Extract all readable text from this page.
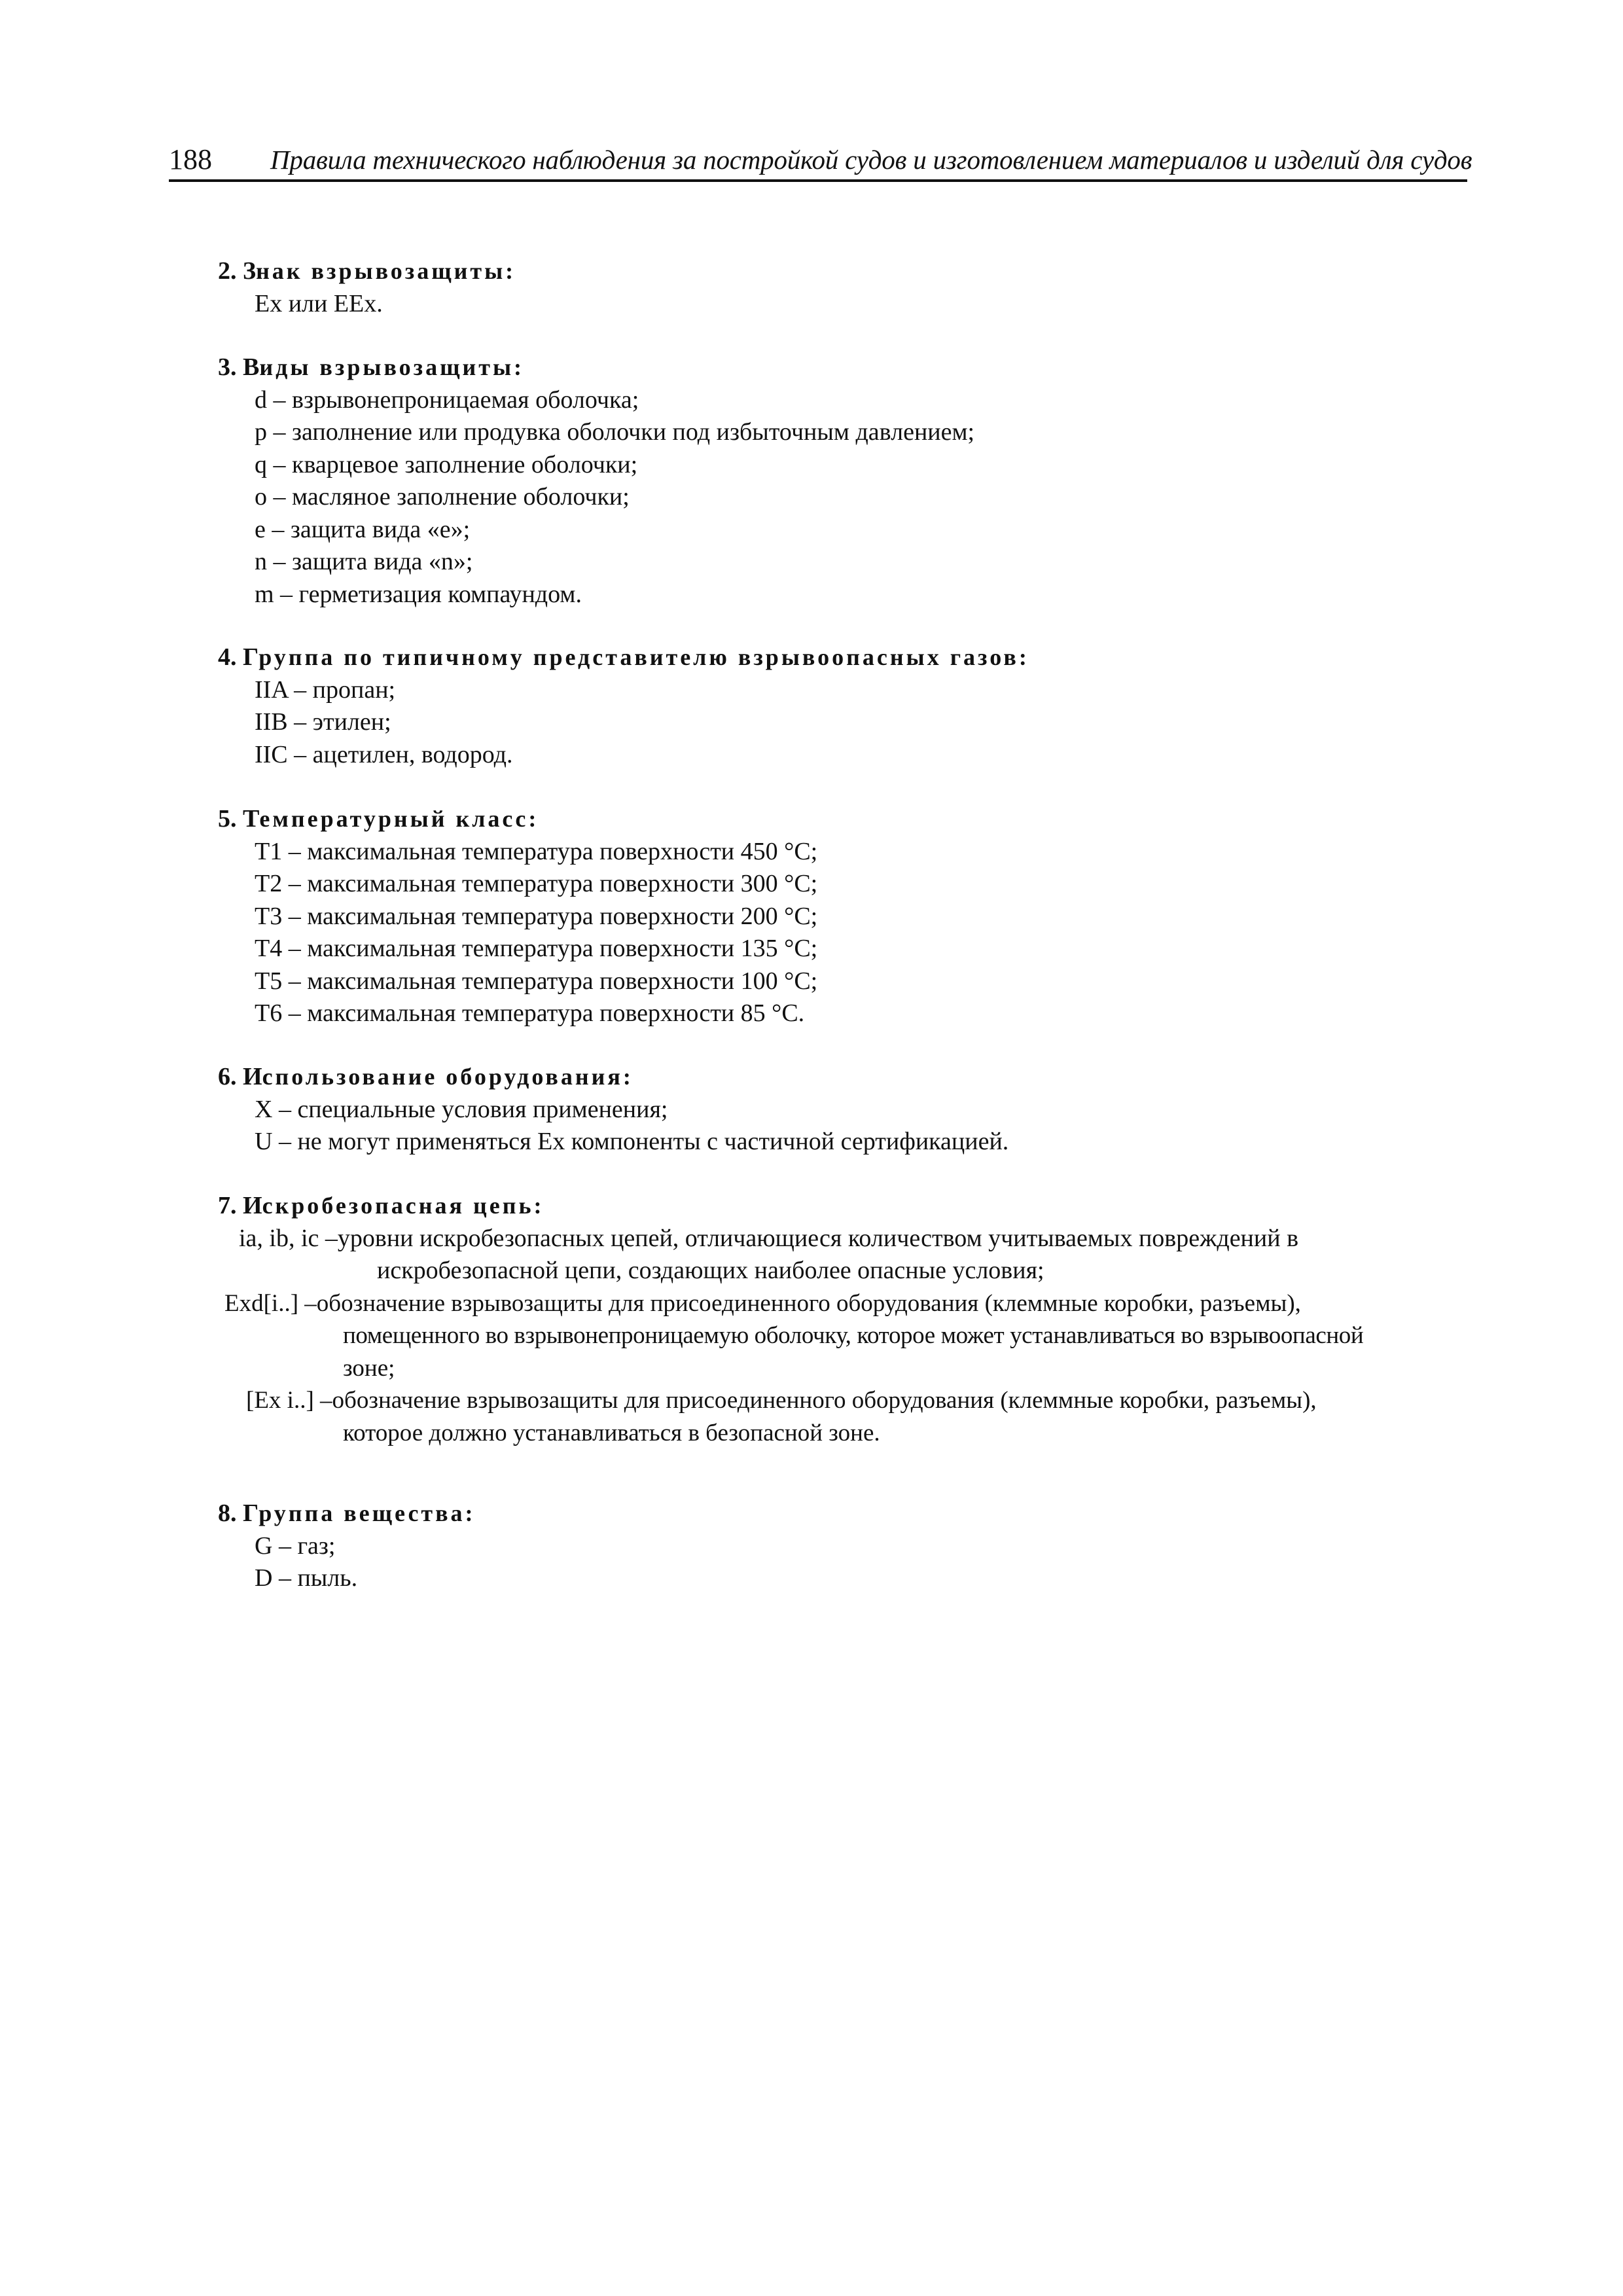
188 Правила технического наблюдения за постройкой судов и изготовлением материалов и изделий для судов
2. Знак взрывозащиты:
Ex или EEx.
3. Виды взрывозащиты:
d – взрывонепроницаемая оболочка;
p – заполнение или продувка оболочки под избыточным давлением;
q – кварцевое заполнение оболочки;
o – масляное заполнение оболочки;
e – защита вида «e»;
n – защита вида «n»;
m – герметизация компаундом.
4. Группа по типичному представителю взрывоопасных газов:
IIA – пропан;
IIB – этилен;
IIC – ацетилен, водород.
5. Температурный класс:
T1 – максимальная температура поверхности 450 °C;
T2 – максимальная температура поверхности 300 °C;
T3 – максимальная температура поверхности 200 °C;
T4 – максимальная температура поверхности 135 °C;
T5 – максимальная температура поверхности 100 °C;
T6 – максимальная температура поверхности 85 °C.
6. Использование оборудования:
X – специальные условия применения;
U – не могут применяться Ex компоненты с частичной сертификацией.
7. Искробезопасная цепь:
ia, ib, ic – уровни искробезопасных цепей, отличающиеся количеством учитываемых повреждений в
искробезопасной цепи, создающих наиболее опасные условия;
Exd[i..] – обозначение взрывозащиты для присоединенного оборудования (клеммные коробки, разъемы),
помещенного во взрывонепроницаемую оболочку, которое может устанавливаться во взрывоопасной
зоне;
[Ex i..] – обозначение взрывозащиты для присоединенного оборудования (клеммные коробки, разъемы),
которое должно устанавливаться в безопасной зоне.
8. Группа вещества:
G – газ;
D – пыль.
